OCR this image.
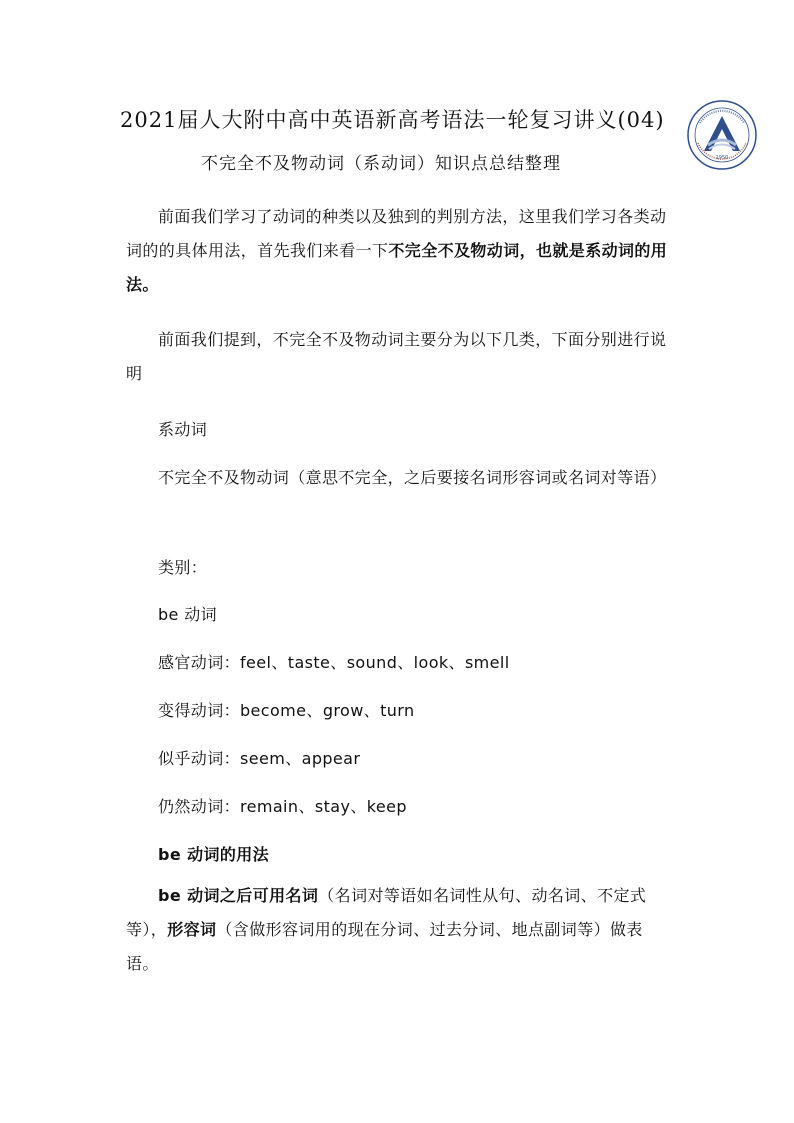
2021届人大附中高中英语新高考语法一轮复习讲义(04)
不完全不及物动词（系动词）知识点总结整理	1950

前面我们学习了动词的种类以及独到的判别方法，这里我们学习各类动词的的具体用法，首先我们来看一下不完全不及物动词，也就是系动词的用法。

前面我们提到，不完全不及物动词主要分为以下几类，下面分别进行说明

系动词

不完全不及物动词（意思不完全，之后要接名词形容词或名词对等语）

类别：
be 动词
感官动词：feel、taste、sound、look、smell
变得动词：become、grow、turn
似乎动词：seem、appear
仍然动词：remain、stay、keep
be 动词的用法

be 动词之后可用名词（名词对等语如名词性从句、动名词、不定式等），形容词（含做形容词用的现在分词、过去分词、地点副词等）做表语。
